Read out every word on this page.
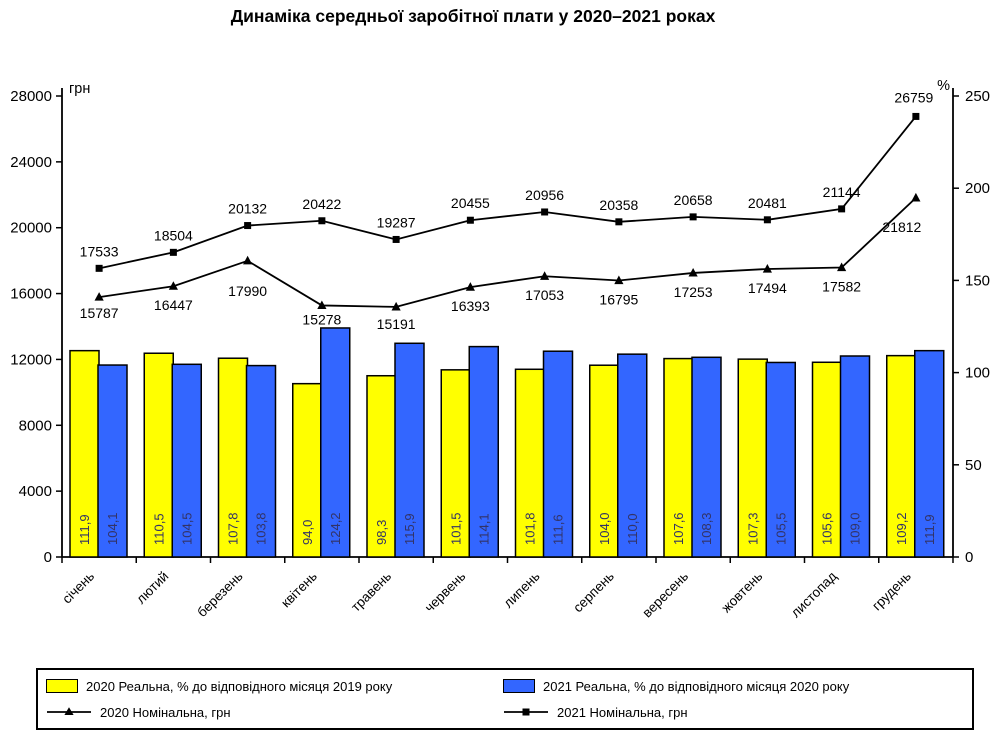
Динаміка середньої заробітної плати у 2020–2021 роках
0
4000
8000
12000
16000
20000
24000
28000
0
50
100
150
200
250
грн	%
січень	лютий березень квітень травень червень липень серпень вересень жовтень листопад грудень
111,9	110,5	107,8	94,0	98,3	101,5	101,8	104,0	107,6	107,3	105,6	109,2
104,1	104,5	103,8	124,2	115,9	114,1	111,6	110,0	108,3	105,5	109,0	111,9
15787	16447
17990
15278	15191
16393
17053	16795	17253	17494	17582
21812
17533
18504
20132	20422
19287
20455
20956
20358	20658	20481
21144
26759
2020 Реальна, % до відповідного місяця 2019 року	2021 Реальна, % до відповідного місяця 2020 року
2020 Номінальна, грн	2021 Номінальна, грн
